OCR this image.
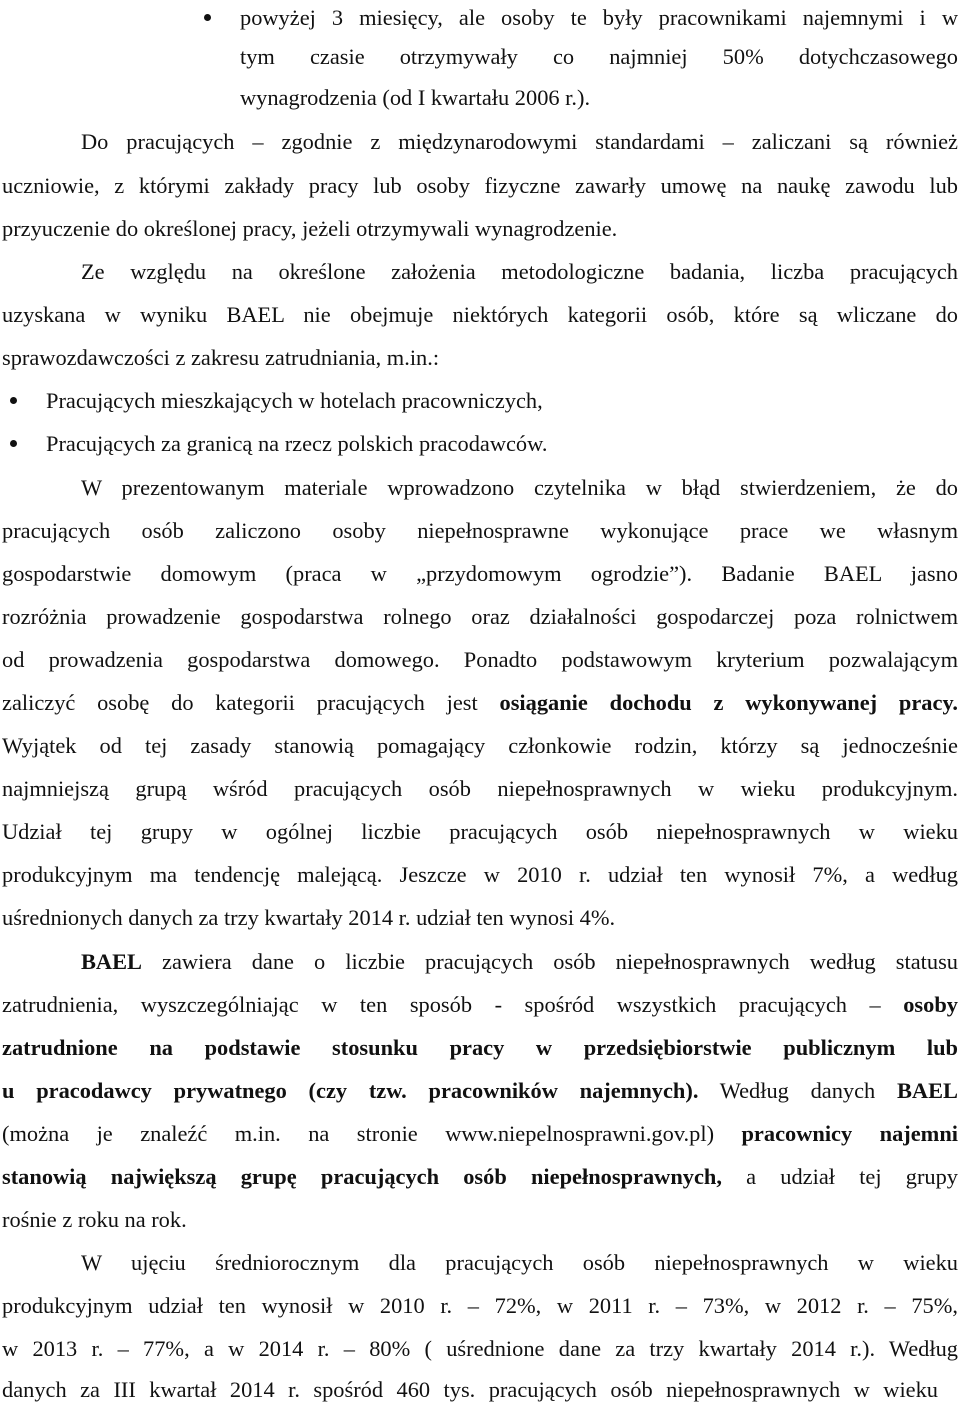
powyżej 3 miesięcy, ale osoby te były pracownikami najemnymi i w
tym czasie otrzymywały co najmniej 50% dotychczasowego
wynagrodzenia (od I kwartału 2006 r.).
Do pracujących – zgodnie z międzynarodowymi standardami – zaliczani są również
uczniowie, z którymi zakłady pracy lub osoby fizyczne zawarły umowę na naukę zawodu lub
przyuczenie do określonej pracy, jeżeli otrzymywali wynagrodzenie.
Ze względu na określone założenia metodologiczne badania, liczba pracujących
uzyskana w wyniku BAEL nie obejmuje niektórych kategorii osób, które są wliczane do
sprawozdawczości z zakresu zatrudniania, m.in.:
Pracujących mieszkających w hotelach pracowniczych,
Pracujących za granicą na rzecz polskich pracodawców.
W prezentowanym materiale wprowadzono czytelnika w błąd stwierdzeniem, że do
pracujących osób zaliczono osoby niepełnosprawne wykonujące prace we własnym
gospodarstwie domowym (praca w „przydomowym ogrodzie”). Badanie BAEL jasno
rozróżnia prowadzenie gospodarstwa rolnego oraz działalności gospodarczej poza rolnictwem
od prowadzenia gospodarstwa domowego. Ponadto podstawowym kryterium pozwalającym
zaliczyć osobę do kategorii pracujących jest osiąganie dochodu z wykonywanej pracy.
Wyjątek od tej zasady stanowią pomagający członkowie rodzin, którzy są jednocześnie
najmniejszą grupą wśród pracujących osób niepełnosprawnych w wieku produkcyjnym.
Udział tej grupy w ogólnej liczbie pracujących osób niepełnosprawnych w wieku
produkcyjnym ma tendencję malejącą. Jeszcze w 2010 r. udział ten wynosił 7%, a według
uśrednionych danych za trzy kwartały 2014 r. udział ten wynosi 4%.
BAEL zawiera dane o liczbie pracujących osób niepełnosprawnych według statusu
zatrudnienia, wyszczególniając w ten sposób - spośród wszystkich pracujących – osoby
zatrudnione na podstawie stosunku pracy w przedsiębiorstwie publicznym lub
u pracodawcy prywatnego (czy tzw. pracowników najemnych). Według danych BAEL
(można je znaleźć m.in. na stronie www.niepelnosprawni.gov.pl) pracownicy najemni
stanowią największą grupę pracujących osób niepełnosprawnych, a udział tej grupy
rośnie z roku na rok.
W ujęciu średniorocznym dla pracujących osób niepełnosprawnych w wieku
produkcyjnym udział ten wynosił w 2010 r. – 72%, w 2011 r. – 73%, w 2012 r. – 75%,
w 2013 r. – 77%, a w 2014 r. – 80% ( uśrednione dane za trzy kwartały 2014 r.). Według
danych za III kwartał 2014 r. spośród 460 tys. pracujących osób niepełnosprawnych w wieku
